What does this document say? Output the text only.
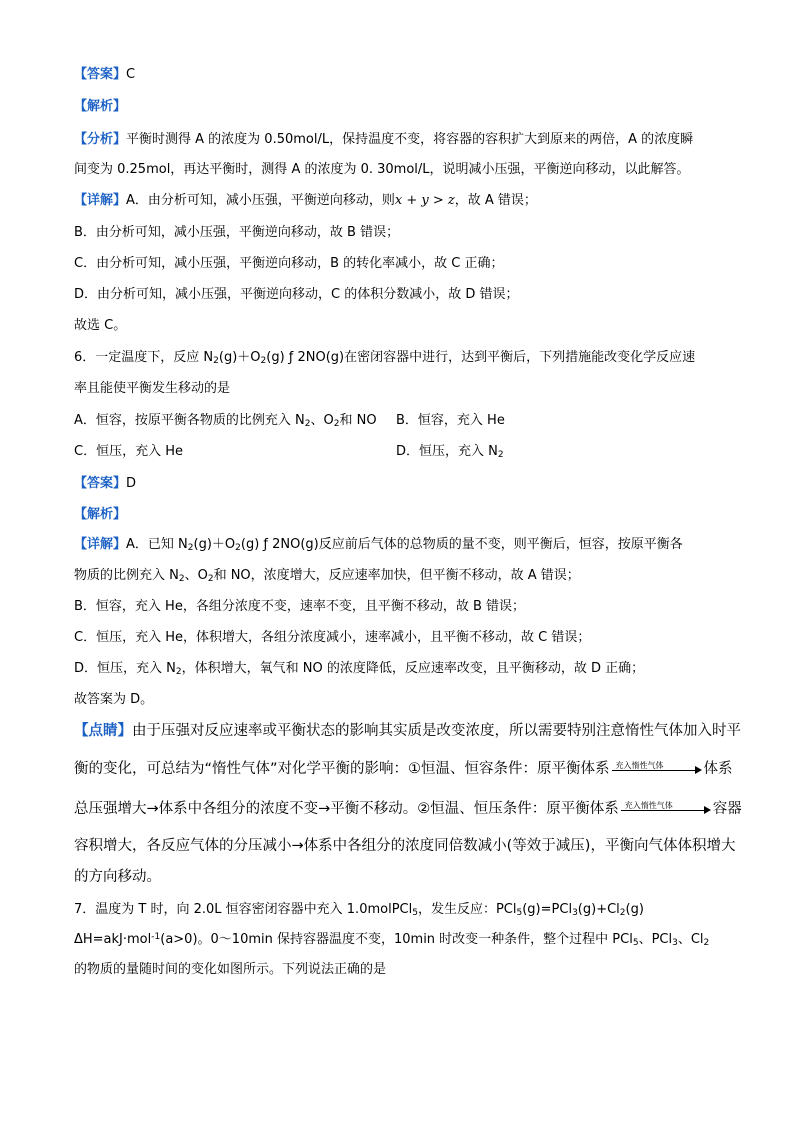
【答案】C
【解析】
【分析】平衡时测得 A 的浓度为 0.50mol/L，保持温度不变，将容器的容积扩大到原来的两倍，A 的浓度瞬
间变为 0.25mol，再达平衡时，测得 A 的浓度为 0. 30mol/L，说明减小压强，平衡逆向移动，以此解答。
【详解】A．由分析可知，减小压强，平衡逆向移动，则x + y > z，故 A 错误；
B．由分析可知，减小压强，平衡逆向移动，故 B 错误；
C．由分析可知，减小压强，平衡逆向移动，B 的转化率减小，故 C 正确；
D．由分析可知，减小压强，平衡逆向移动，C 的体积分数减小，故 D 错误；
故选 C。
6．一定温度下，反应 $N_2(g)+O_2(g)$ ƒ 2NO(g)在密闭容器中进行，达到平衡后，下列措施能改变化学反应速
率且能使平衡发生移动的是
A．恒容，按原平衡各物质的比例充入 $N_2$、$O_2$和 NO	B．恒容，充入 He
C．恒压，充入 He	D．恒压，充入 $N_2$
【答案】D
【解析】
【详解】A．已知 $N_2(g)+O_2(g)$ ƒ 2NO(g)反应前后气体的总物质的量不变，则平衡后，恒容，按原平衡各
物质的比例充入 $N_2$、$O_2$和 NO，浓度增大，反应速率加快，但平衡不移动，故 A 错误；
B．恒容，充入 He，各组分浓度不变，速率不变，且平衡不移动，故 B 错误；
C．恒压，充入 He，体积增大，各组分浓度减小，速率减小，且平衡不移动，故 C 错误；
D．恒压，充入 $N_2$，体积增大，氧气和 NO 的浓度降低，反应速率改变，且平衡移动，故 D 正确；
故答案为 D。
【点睛】由于压强对反应速率或平衡状态的影响其实质是改变浓度，所以需要特别注意惰性气体加入时平
衡的变化，可总结为“惰性气体”对化学平衡的影响：①恒温、恒容条件：原平衡体系 充入惰性气体	体系
总压强增大→体系中各组分的浓度不变→平衡不移动。②恒温、恒压条件：原平衡体系 充入惰性气体	容器
容积增大，各反应气体的分压减小→体系中各组分的浓度同倍数减小(等效于减压)，平衡向气体体积增大
的方向移动。
7．温度为 T 时，向 2.0L 恒容密闭容器中充入 1.0molPCl$_5$，发生反应：$PCl_5(g)=PCl_3(g)+Cl_2(g)$
ΔH=akJ·mol$^{-1}$(a>0)。0～10min 保持容器温度不变，10min 时改变一种条件，整个过程中 PCl$_5$、PCl$_3$、$Cl_2$
的物质的量随时间的变化如图所示。下列说法正确的是
